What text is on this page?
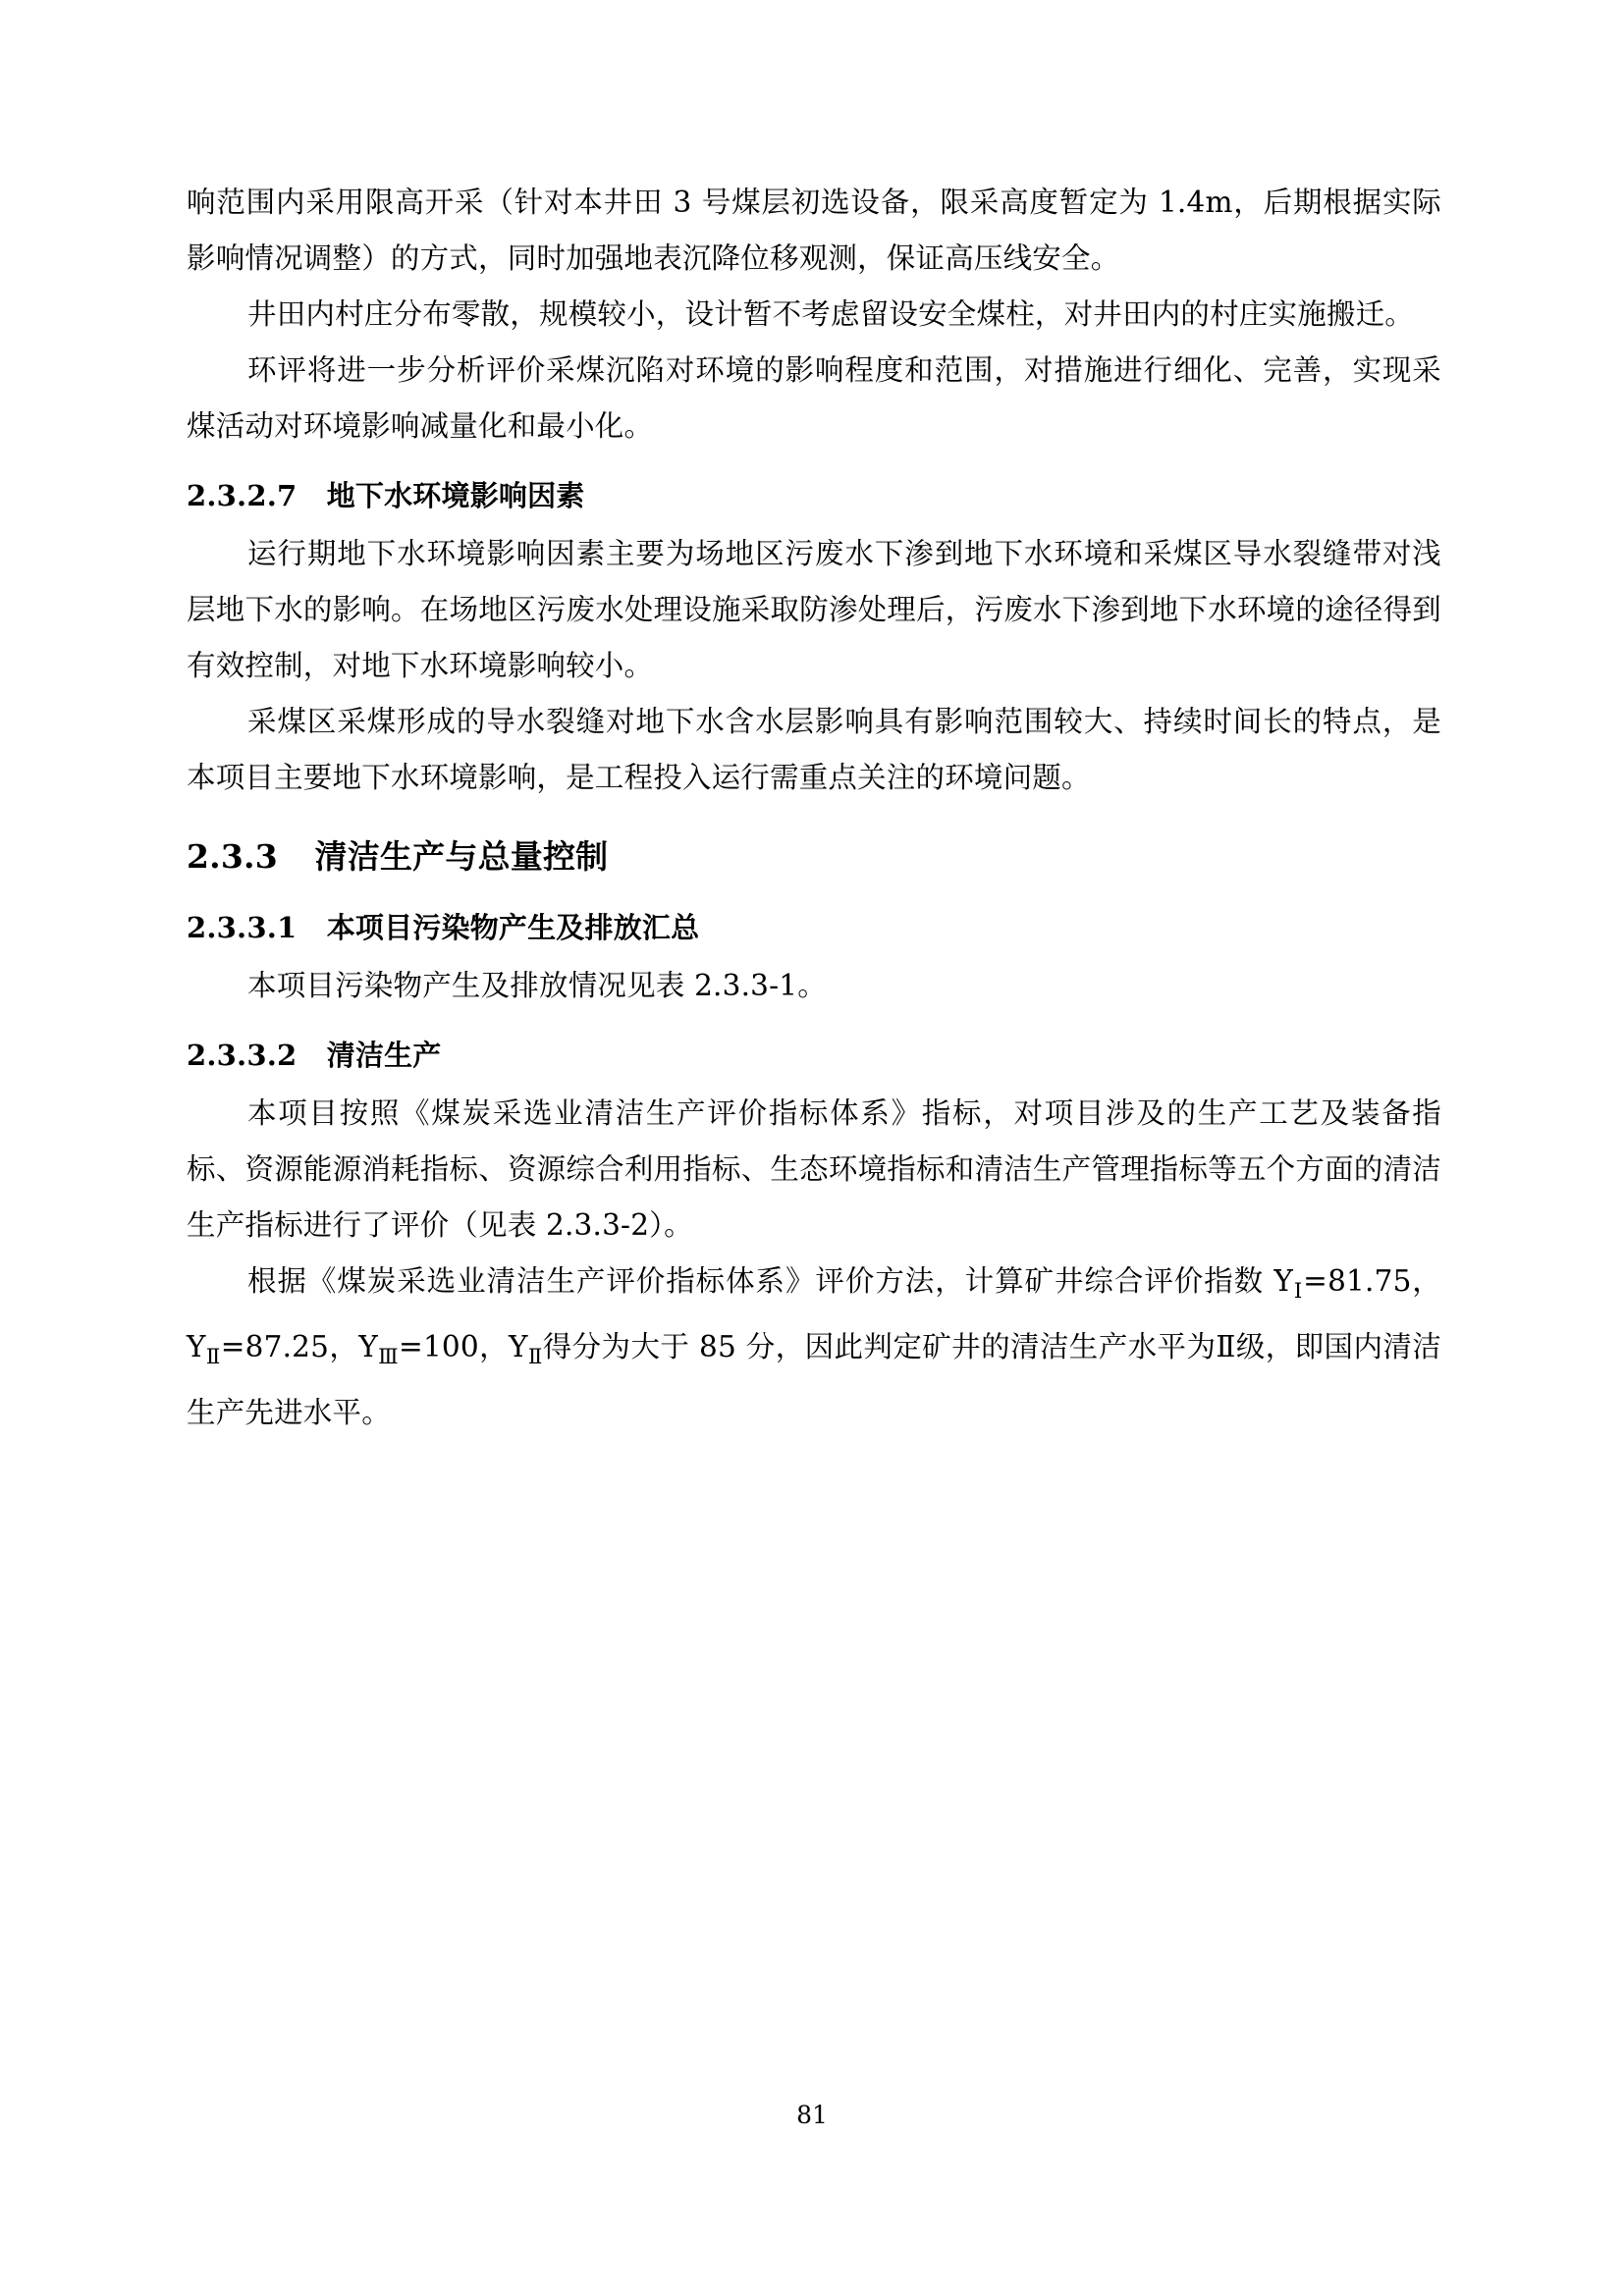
响范围内采用限高开采（针对本井田 3 号煤层初选设备，限采高度暂定为 1.4m，后期根据实际影响情况调整）的方式，同时加强地表沉降位移观测，保证高压线安全。

井田内村庄分布零散，规模较小，设计暂不考虑留设安全煤柱，对井田内的村庄实施搬迁。

环评将进一步分析评价采煤沉陷对环境的影响程度和范围，对措施进行细化、完善，实现采煤活动对环境影响减量化和最小化。

2.3.2.7 地下水环境影响因素

运行期地下水环境影响因素主要为场地区污废水下渗到地下水环境和采煤区导水裂缝带对浅层地下水的影响。在场地区污废水处理设施采取防渗处理后，污废水下渗到地下水环境的途径得到有效控制，对地下水环境影响较小。

采煤区采煤形成的导水裂缝对地下水含水层影响具有影响范围较大、持续时间长的特点，是本项目主要地下水环境影响，是工程投入运行需重点关注的环境问题。

2.3.3 清洁生产与总量控制
2.3.3.1 本项目污染物产生及排放汇总

本项目污染物产生及排放情况见表 2.3.3-1。

2.3.3.2 清洁生产

本项目按照《煤炭采选业清洁生产评价指标体系》指标，对项目涉及的生产工艺及装备指标、资源能源消耗指标、资源综合利用指标、生态环境指标和清洁生产管理指标等五个方面的清洁生产指标进行了评价（见表 2.3.3-2）。

根据《煤炭采选业清洁生产评价指标体系》评价方法，计算矿井综合评价指数 $Y_Ⅰ=81.75$，$Y_Ⅱ=87.25$，$Y_Ⅲ=100$，$Y_Ⅱ$得分为大于 85 分，因此判定矿井的清洁生产水平为Ⅱ级，即国内清洁生产先进水平。

81
